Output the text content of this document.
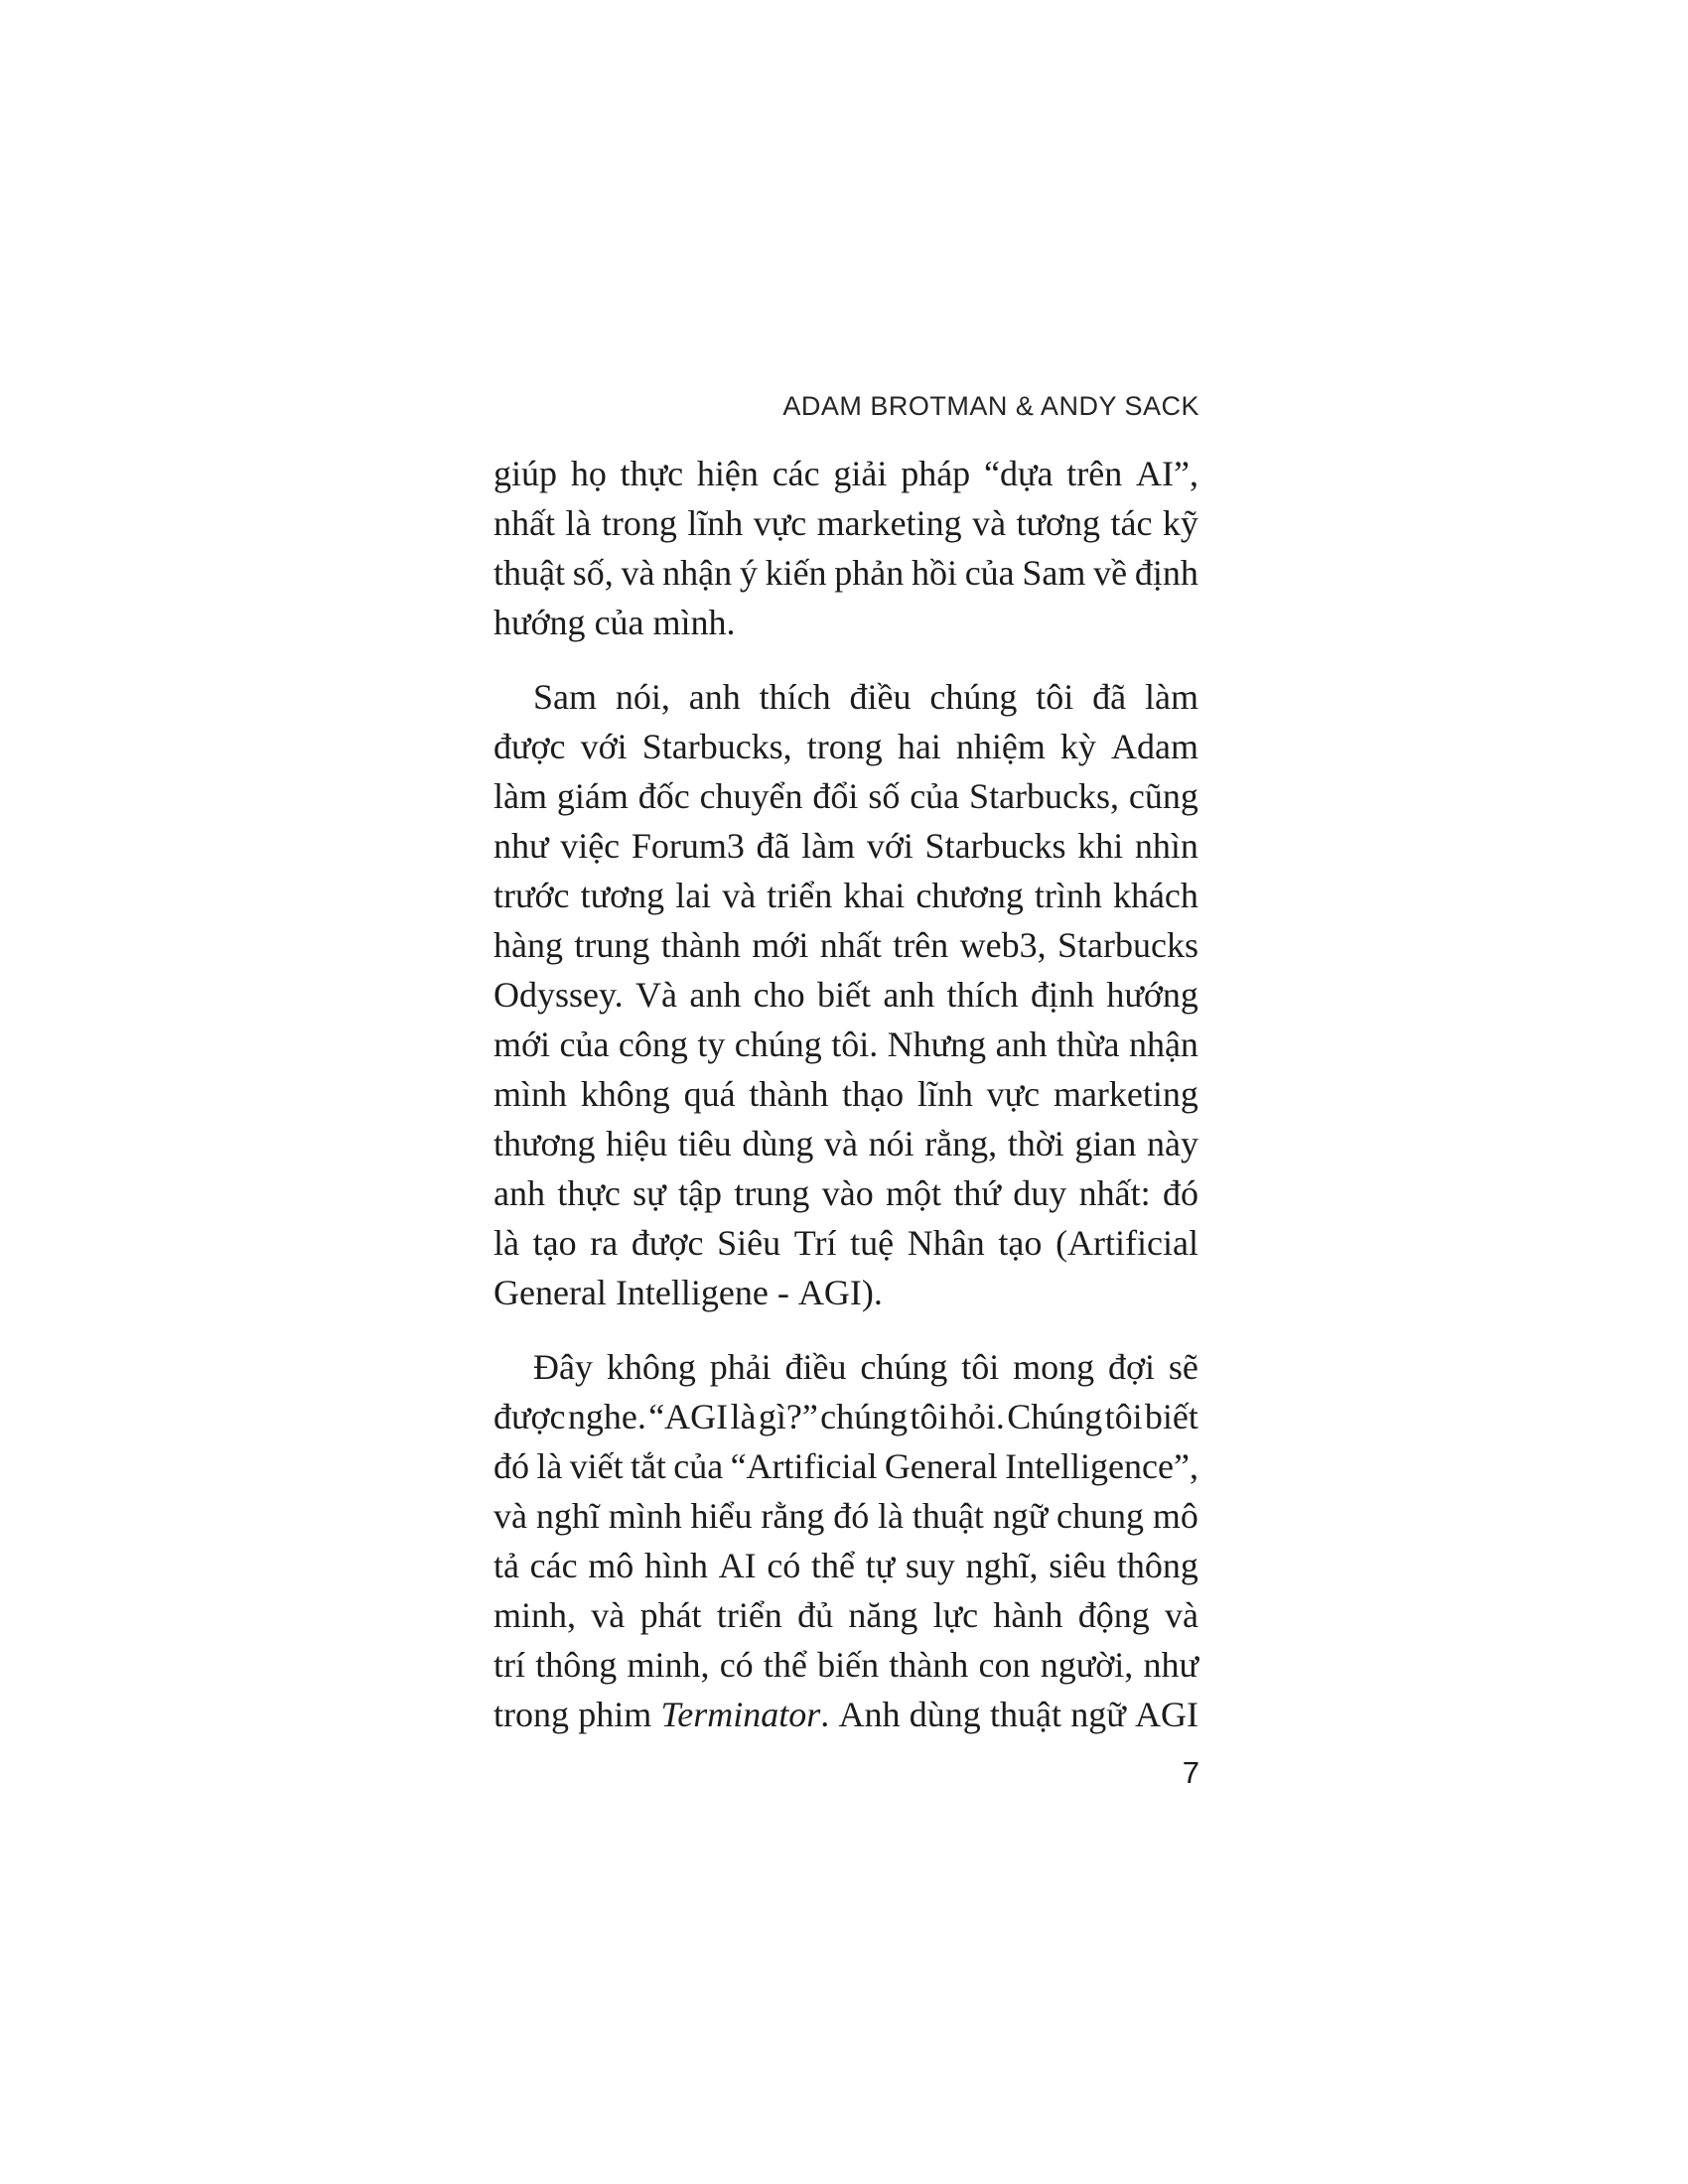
ADAM BROTMAN & ANDY SACK
giúp họ thực hiện các giải pháp “dựa trên AI”,
nhất là trong lĩnh vực marketing và tương tác kỹ
thuật số, và nhận ý kiến phản hồi của Sam về định
hướng của mình.
Sam nói, anh thích điều chúng tôi đã làm
được với Starbucks, trong hai nhiệm kỳ Adam
làm giám đốc chuyển đổi số của Starbucks, cũng
như việc Forum3 đã làm với Starbucks khi nhìn
trước tương lai và triển khai chương trình khách
hàng trung thành mới nhất trên web3, Starbucks
Odyssey. Và anh cho biết anh thích định hướng
mới của công ty chúng tôi. Nhưng anh thừa nhận
mình không quá thành thạo lĩnh vực marketing
thương hiệu tiêu dùng và nói rằng, thời gian này
anh thực sự tập trung vào một thứ duy nhất: đó
là tạo ra được Siêu Trí tuệ Nhân tạo (Artificial
General Intelligene - AGI).
Đây không phải điều chúng tôi mong đợi sẽ
được nghe. “AGI là gì?” chúng tôi hỏi. Chúng tôi biết
đó là viết tắt của “Artificial General Intelligence”,
và nghĩ mình hiểu rằng đó là thuật ngữ chung mô
tả các mô hình AI có thể tự suy nghĩ, siêu thông
minh, và phát triển đủ năng lực hành động và
trí thông minh, có thể biến thành con người, như
trong phim Terminator. Anh dùng thuật ngữ AGI
7
